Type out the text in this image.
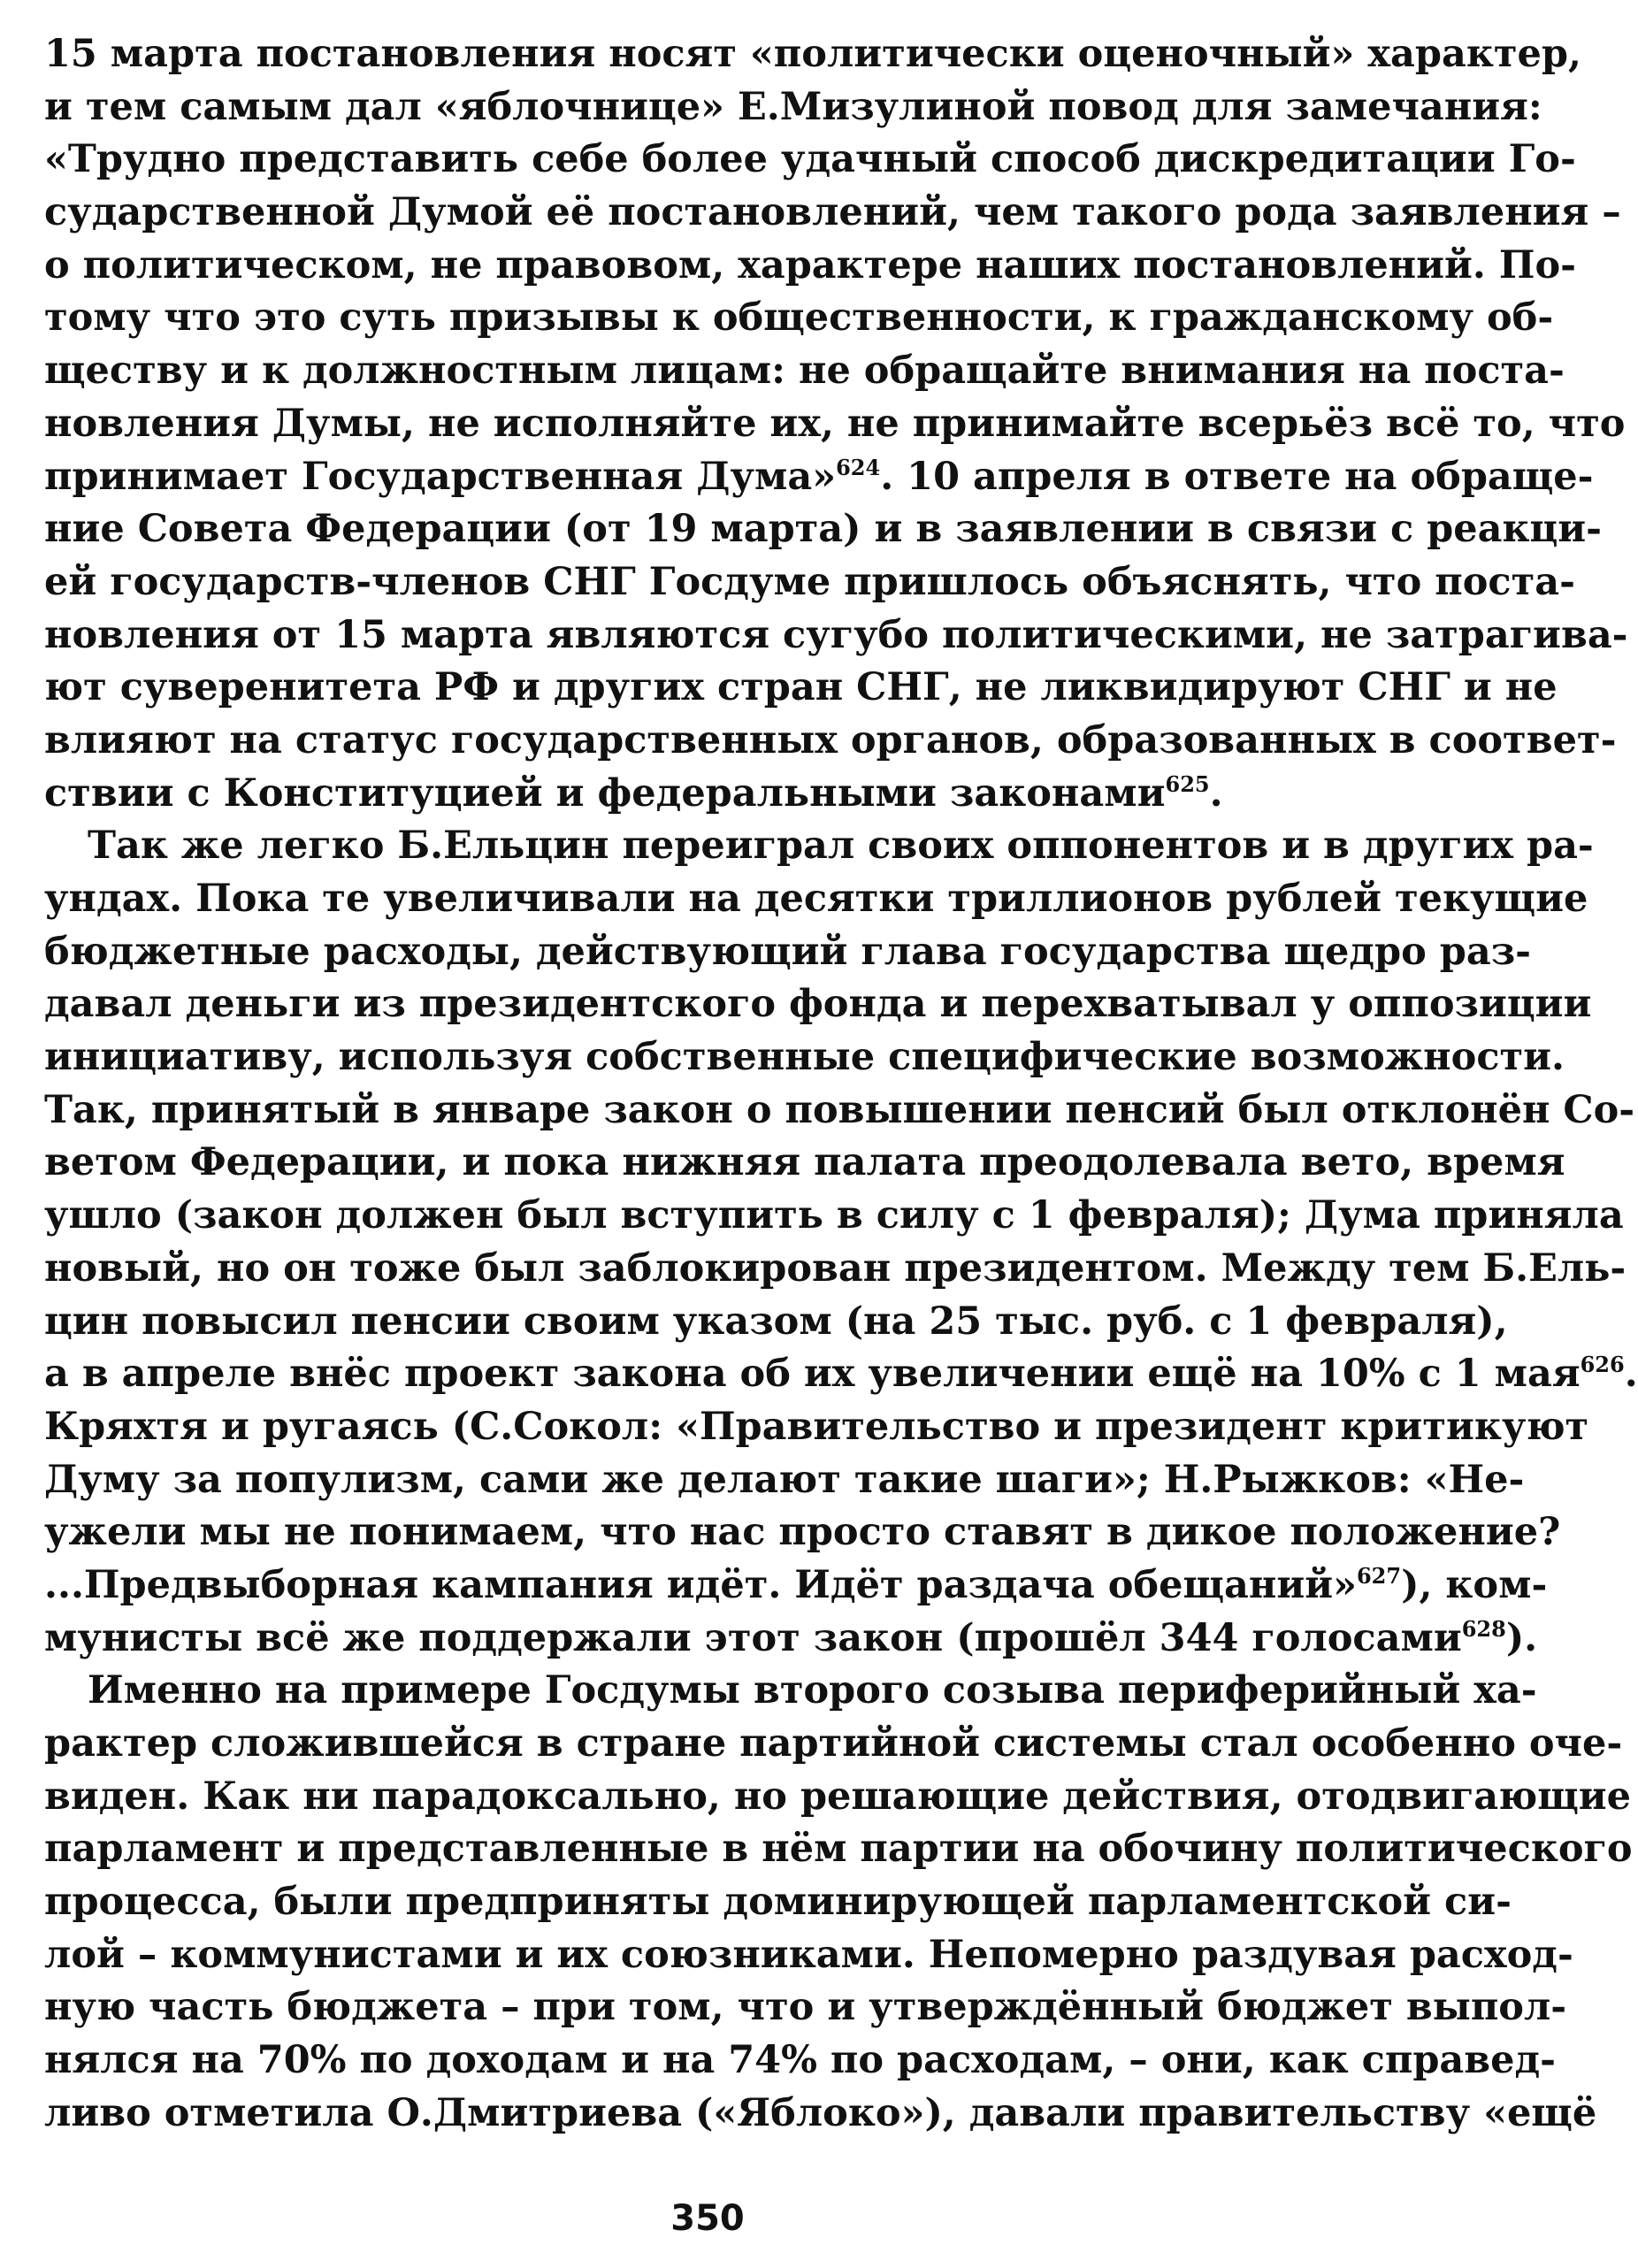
15 марта постановления носят «политически оценочный» характер,
и тем самым дал «яблочнице» Е.Мизулиной повод для замечания:
«Трудно представить себе более удачный способ дискредитации Го-
сударственной Думой её постановлений, чем такого рода заявления –
о политическом, не правовом, характере наших постановлений. По-
тому что это суть призывы к общественности, к гражданскому об-
ществу и к должностным лицам: не обращайте внимания на поста-
новления Думы, не исполняйте их, не принимайте всерьёз всё то, что
принимает Государственная Дума»$^{624}$. 10 апреля в ответе на обраще-
ние Совета Федерации (от 19 марта) и в заявлении в связи с реакци-
ей государств-членов СНГ Госдуме пришлось объяснять, что поста-
новления от 15 марта являются сугубо политическими, не затрагива-
ют суверенитета РФ и других стран СНГ, не ликвидируют СНГ и не
влияют на статус государственных органов, образованных в соответ-
ствии с Конституцией и федеральными законами$^{625}$.
Так же легко Б.Ельцин переиграл своих оппонентов и в других ра-
ундах. Пока те увеличивали на десятки триллионов рублей текущие
бюджетные расходы, действующий глава государства щедро раз-
давал деньги из президентского фонда и перехватывал у оппозиции
инициативу, используя собственные специфические возможности.
Так, принятый в январе закон о повышении пенсий был отклонён Со-
ветом Федерации, и пока нижняя палата преодолевала вето, время
ушло (закон должен был вступить в силу с 1 февраля); Дума приняла
новый, но он тоже был заблокирован президентом. Между тем Б.Ель-
цин повысил пенсии своим указом (на 25 тыс. руб. с 1 февраля),
а в апреле внёс проект закона об их увеличении ещё на 10% с 1 мая$^{626}$.
Кряхтя и ругаясь (С.Сокол: «Правительство и президент критикуют
Думу за популизм, сами же делают такие шаги»; Н.Рыжков: «Не-
ужели мы не понимаем, что нас просто ставят в дикое положение?
...Предвыборная кампания идёт. Идёт раздача обещаний»$^{627}$), ком-
мунисты всё же поддержали этот закон (прошёл 344 голосами$^{628}$).
Именно на примере Госдумы второго созыва периферийный ха-
рактер сложившейся в стране партийной системы стал особенно оче-
виден. Как ни парадоксально, но решающие действия, отодвигающие
парламент и представленные в нём партии на обочину политического
процесса, были предприняты доминирующей парламентской си-
лой – коммунистами и их союзниками. Непомерно раздувая расход-
ную часть бюджета – при том, что и утверждённый бюджет выпол-
нялся на 70% по доходам и на 74% по расходам, – они, как справед-
ливо отметила О.Дмитриева («Яблоко»), давали правительству «ещё
350
